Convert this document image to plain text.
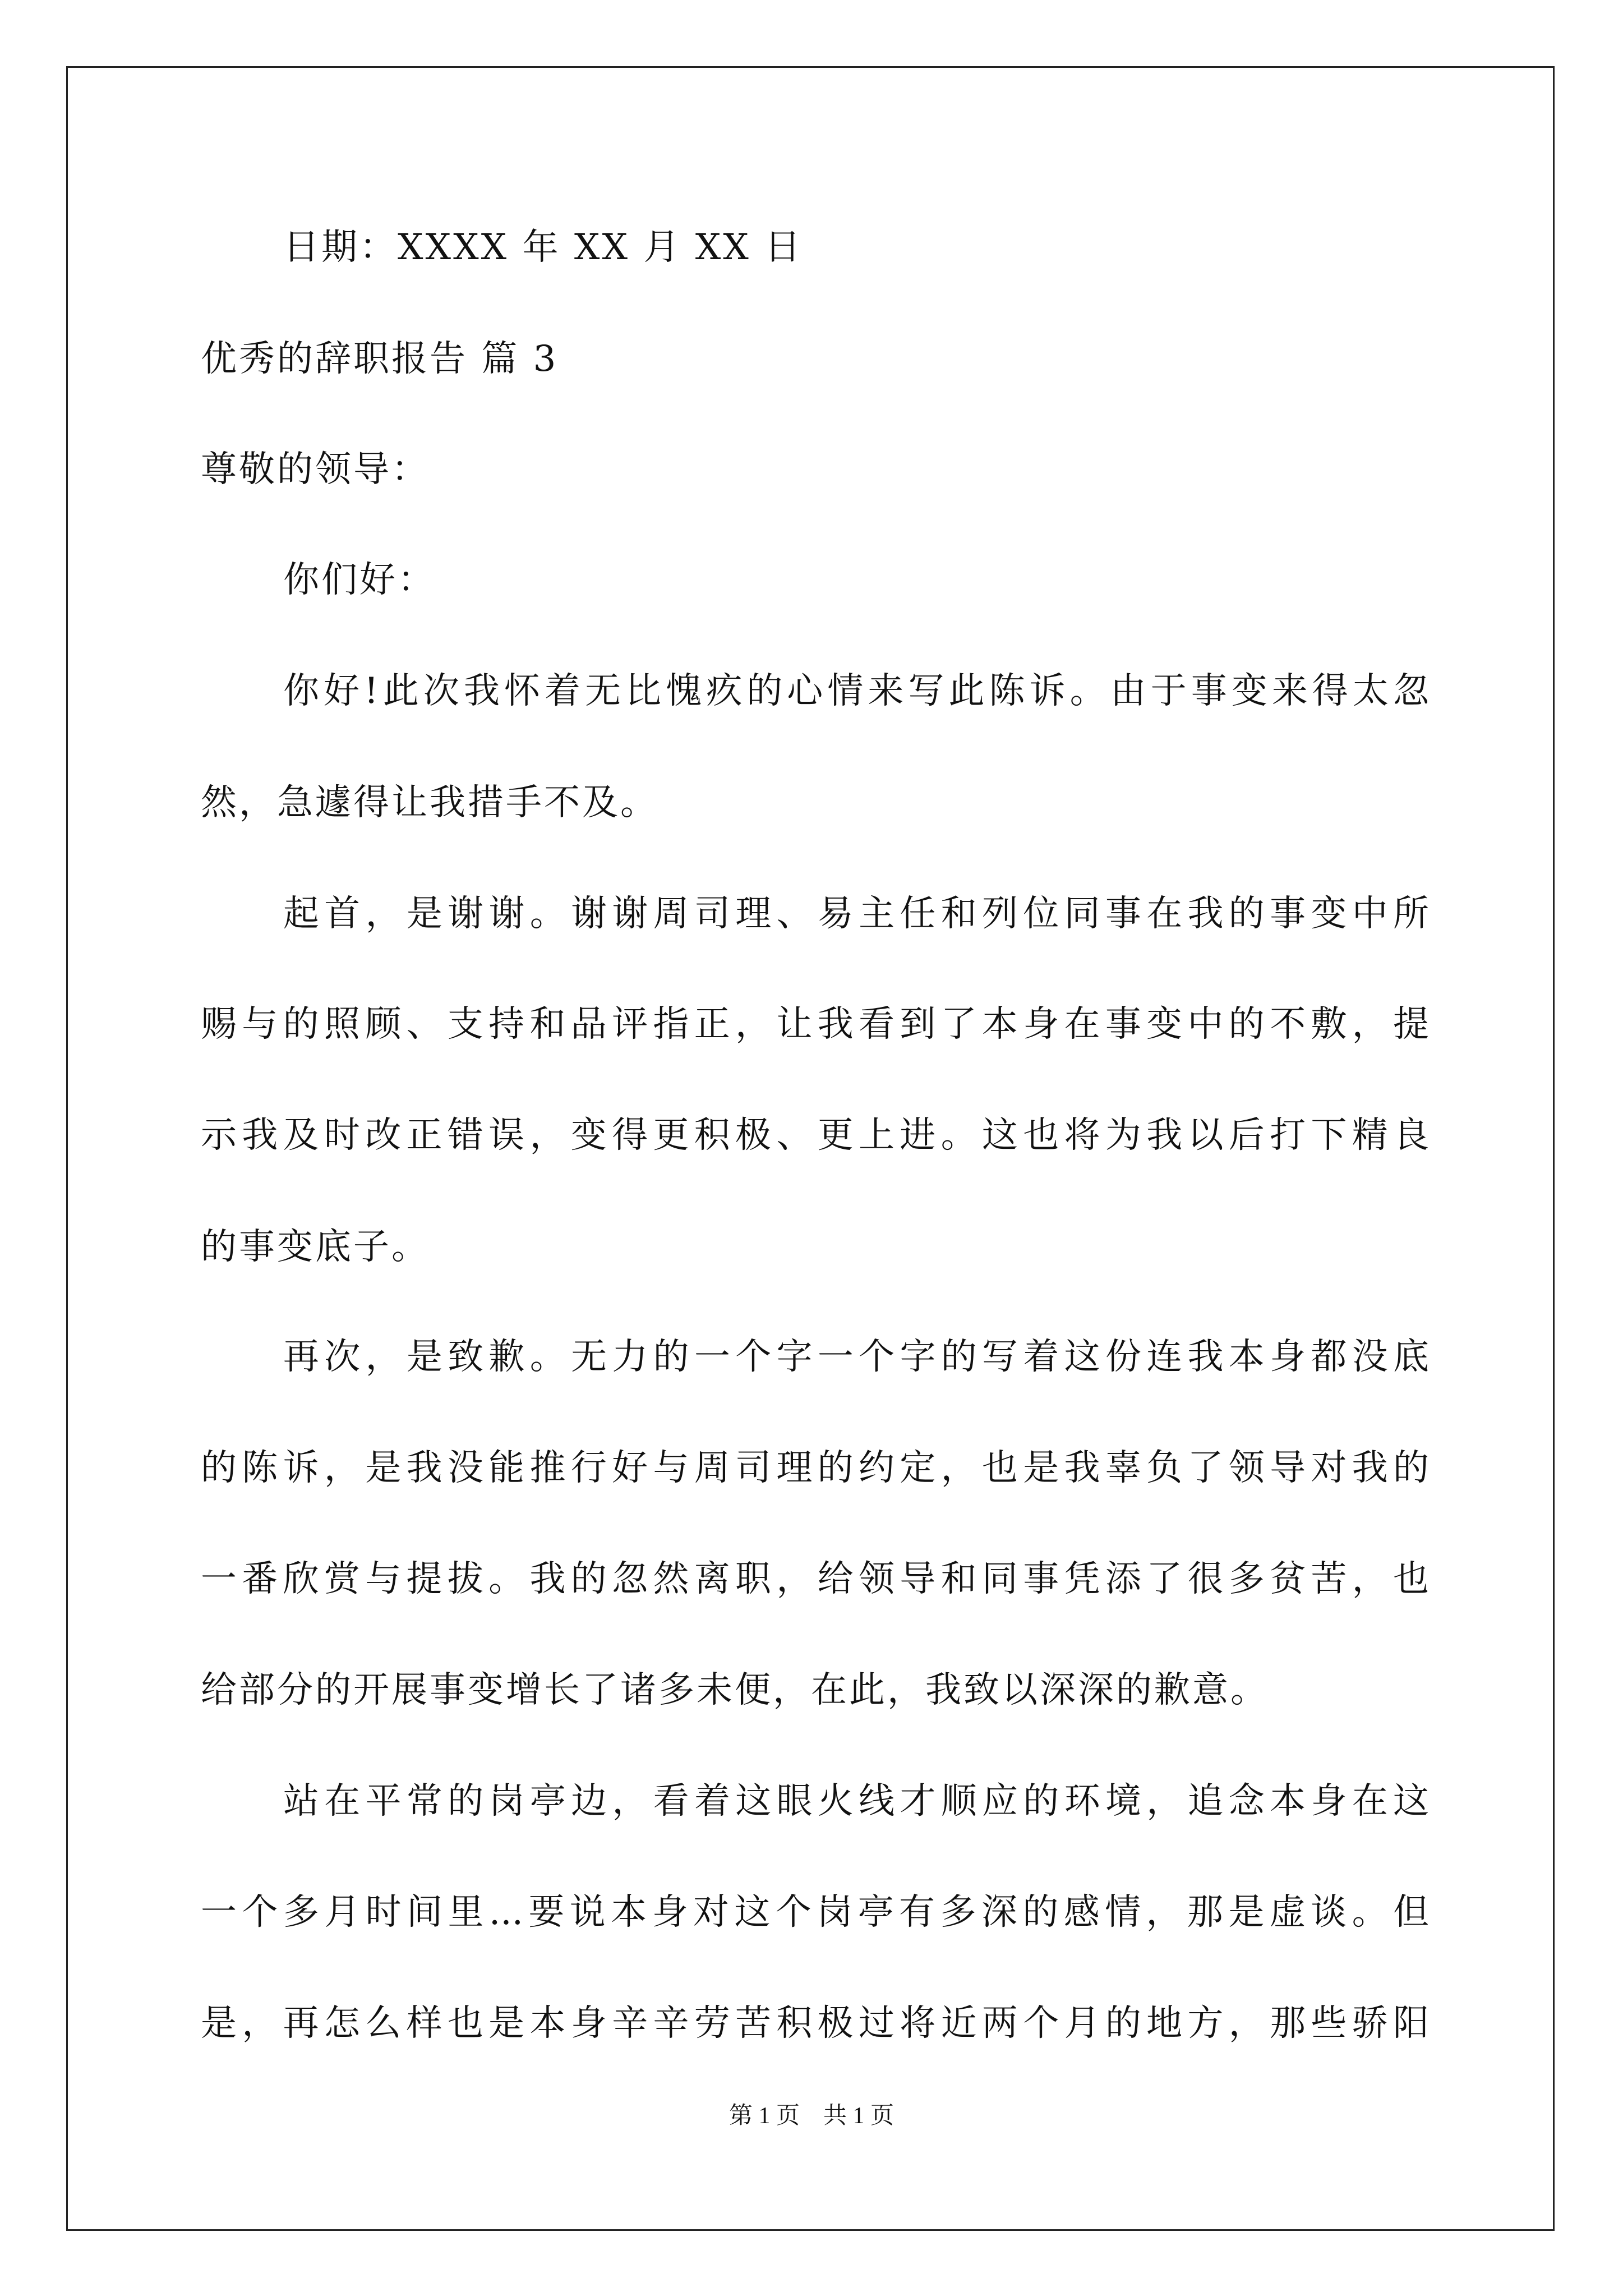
日期：XXXX 年 XX 月 XX 日
优秀的辞职报告 篇 3
尊敬的领导：
你们好：
你好!此次我怀着无比愧疚的心情来写此陈诉。由于事变来得太忽
然，急遽得让我措手不及。
起首，是谢谢。谢谢周司理、易主任和列位同事在我的事变中所
赐与的照顾、支持和品评指正，让我看到了本身在事变中的不敷，提
示我及时改正错误，变得更积极、更上进。这也将为我以后打下精良
的事变底子。
再次，是致歉。无力的一个字一个字的写着这份连我本身都没底
的陈诉，是我没能推行好与周司理的约定，也是我辜负了领导对我的
一番欣赏与提拔。我的忽然离职，给领导和同事凭添了很多贫苦，也
给部分的开展事变增长了诸多未便，在此，我致以深深的歉意。
站在平常的岗亭边，看着这眼火线才顺应的环境，追念本身在这
一个多月时间里...要说本身对这个岗亭有多深的感情，那是虚谈。但
是，再怎么样也是本身辛辛劳苦积极过将近两个月的地方，那些骄阳
第 1 页　共 1 页
